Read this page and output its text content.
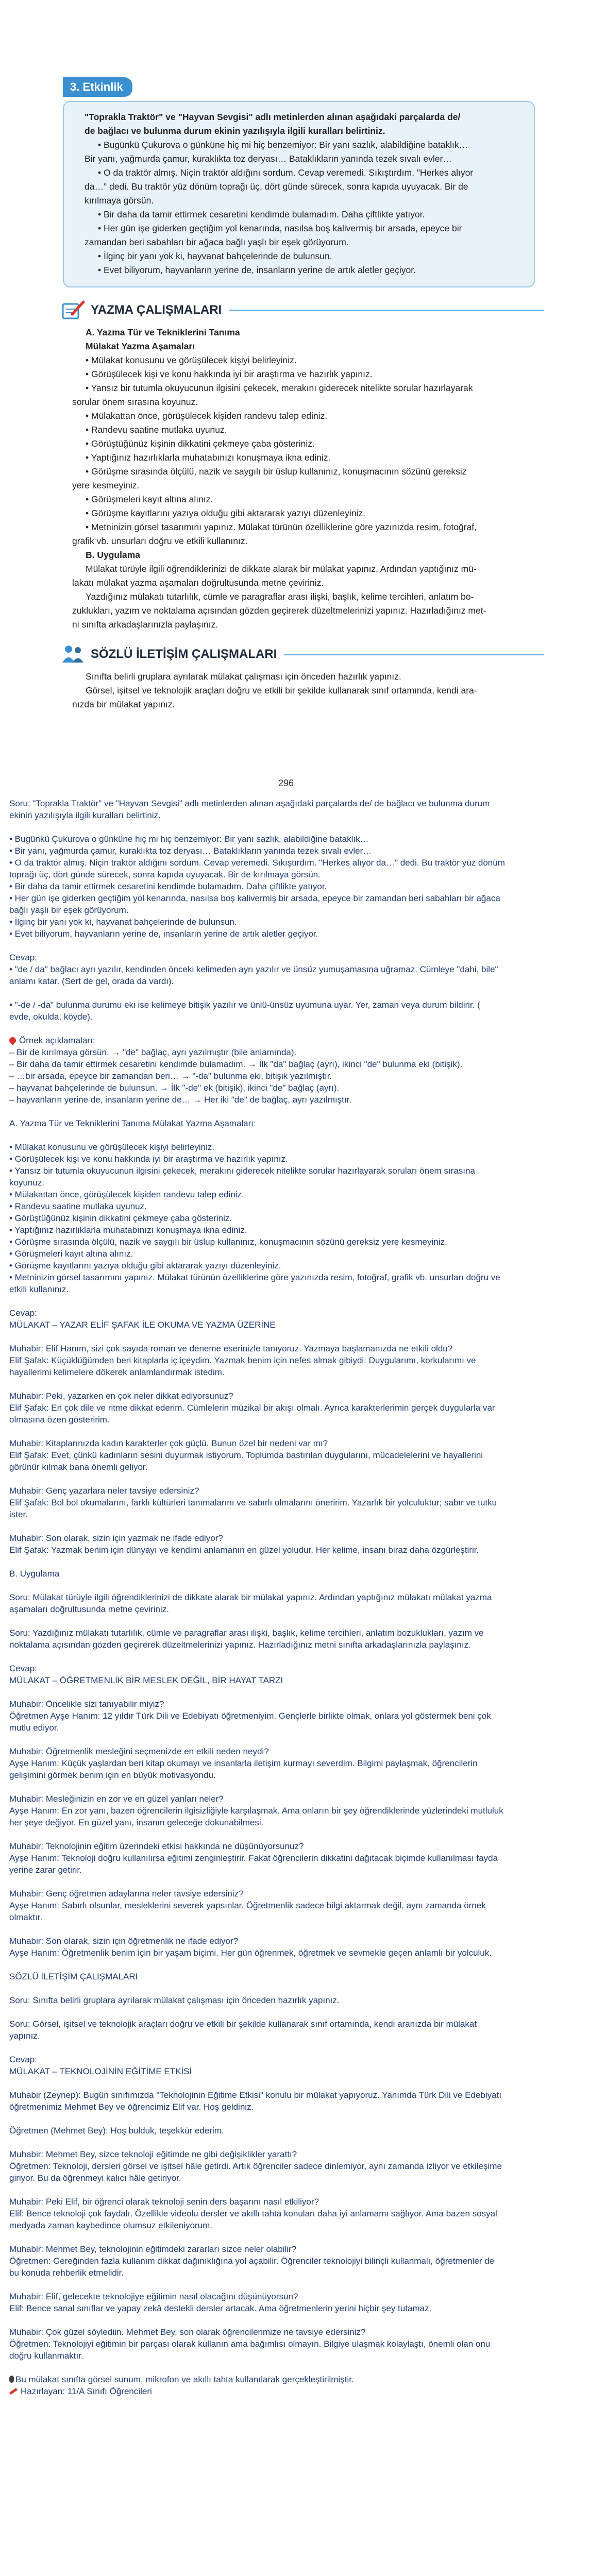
3. Etkinlik

"Toprakla Traktör" ve "Hayvan Sevgisi" adlı metinlerden alınan aşağıdaki parçalarda de/

de bağlacı ve bulunma durum ekinin yazılışıyla ilgili kuralları belirtiniz.

• Bugünkü Çukurova o günküne hiç mi hiç benzemiyor: Bir yanı sazlık, alabildiğine bataklık…

Bir yanı, yağmurda çamur, kuraklıkta toz deryası… Bataklıkların yanında tezek sıvalı evler…

• O da traktör almış. Niçin traktör aldığını sordum. Cevap veremedi. Sıkıştırdım. "Herkes alıyor

da…" dedi. Bu traktör yüz dönüm toprağı üç, dört günde sürecek, sonra kapıda uyuyacak. Bir de

kırılmaya görsün.

• Bir daha da tamir ettirmek cesaretini kendimde bulamadım. Daha çiftlikte yatıyor.

• Her gün işe giderken geçtiğim yol kenarında, nasılsa boş kalivermiş bir arsada, epeyce bir

zamandan beri sabahları bir ağaca bağlı yaşlı bir eşek görüyorum.

• İlginç bir yanı yok ki, hayvanat bahçelerinde de bulunsun.

• Evet biliyorum, hayvanların yerine de, insanların yerine de artık aletler geçiyor.

YAZMA ÇALIŞMALARI

A. Yazma Tür ve Tekniklerini Tanıma

Mülakat Yazma Aşamaları

• Mülakat konusunu ve görüşülecek kişiyi belirleyiniz.

• Görüşülecek kişi ve konu hakkında iyi bir araştırma ve hazırlık yapınız.

• Yansız bir tutumla okuyucunun ilgisini çekecek, merakını giderecek nitelikte sorular hazırlayarak

sorular önem sırasına koyunuz.

• Mülakattan önce, görüşülecek kişiden randevu talep ediniz.

• Randevu saatine mutlaka uyunuz.

• Görüştüğünüz kişinin dikkatini çekmeye çaba gösteriniz.

• Yaptığınız hazırlıklarla muhatabınızı konuşmaya ikna ediniz.

• Görüşme sırasında ölçülü, nazik ve saygılı bir üslup kullanınız, konuşmacının sözünü gereksiz

yere kesmeyiniz.

• Görüşmeleri kayıt altına alınız.

• Görüşme kayıtlarını yazıya olduğu gibi aktararak yazıyı düzenleyiniz.

• Metninizin görsel tasarımını yapınız. Mülakat türünün özelliklerine göre yazınızda resim, fotoğraf,

grafik vb. unsurları doğru ve etkili kullanınız.

B. Uygulama

Mülakat türüyle ilgili öğrendiklerinizi de dikkate alarak bir mülakat yapınız. Ardından yaptığınız mü-

lakatı mülakat yazma aşamaları doğrultusunda metne çeviriniz.

Yazdığınız mülakatı tutarlılık, cümle ve paragraflar arası ilişki, başlık, kelime tercihleri, anlatım bo-

zuklukları, yazım ve noktalama açısından gözden geçirerek düzeltmelerinizi yapınız. Hazırladığınız met-

ni sınıfta arkadaşlarınızla paylaşınız.

SÖZLÜ İLETİŞİM ÇALIŞMALARI

Sınıfta belirli gruplara ayrılarak mülakat çalışması için önceden hazırlık yapınız.

Görsel, işitsel ve teknolojik araçları doğru ve etkili bir şekilde kullanarak sınıf ortamında, kendi ara-

nızda bir mülakat yapınız.

296

Soru: "Toprakla Traktör" ve "Hayvan Sevgisi" adlı metinlerden alınan aşağıdaki parçalarda de/ de bağlacı ve bulunma durum

ekinin yazılışıyla ilgili kuralları belirtiniz.

• Bugünkü Çukurova o günküne hiç mi hiç benzemiyor: Bir yanı sazlık, alabildiğine bataklık…

• Bir yanı, yağmurda çamur, kuraklıkta toz deryası… Bataklıkların yanında tezek sıvalı evler…

• O da traktör almış. Niçin traktör aldığını sordum. Cevap veremedi. Sıkıştırdım. "Herkes alıyor da…" dedi. Bu traktör yüz dönüm

toprağı üç, dört günde sürecek, sonra kapıda uyuyacak. Bir de kırılmaya görsün.

• Bir daha da tamir ettirmek cesaretini kendimde bulamadım. Daha çiftlikte yatıyor.

• Her gün işe giderken geçtiğim yol kenarında, nasılsa boş kalivermiş bir arsada, epeyce bir zamandan beri sabahları bir ağaca

bağlı yaşlı bir eşek görüyorum.

• İlginç bir yanı yok ki, hayvanat bahçelerinde de bulunsun.

• Evet biliyorum, hayvanların yerine de, insanların yerine de artık aletler geçiyor.

Cevap:

• "de / da" bağlacı ayrı yazılır, kendinden önceki kelimeden ayrı yazılır ve ünsüz yumuşamasına uğramaz. Cümleye "dahi, bile"

anlamı katar. (Sert de gel, orada da vardı).

• "-de / -da" bulunma durumu eki ise kelimeye bitişik yazılır ve ünlü-ünsüz uyumuna uyar. Yer, zaman veya durum bildirir. (

evde, okulda, köyde).

Örnek açıklamaları:

– Bir de kırılmaya görsün. → "de" bağlaç, ayrı yazılmıştır (bile anlamında).

– Bir daha da tamir ettirmek cesaretini kendimde bulamadım. → İlk "da" bağlaç (ayrı), ikinci "de" bulunma eki (bitişik).

– …bir arsada, epeyce bir zamandan beri… → "-da" bulunma eki, bitişik yazılmıştır.

– hayvanat bahçelerinde de bulunsun. → İlk "-de" ek (bitişik), ikinci "de" bağlaç (ayrı).

– hayvanların yerine de, insanların yerine de… → Her iki "de" de bağlaç, ayrı yazılmıştır.

A. Yazma Tür ve Tekniklerini Tanıma Mülakat Yazma Aşamaları:

• Mülakat konusunu ve görüşülecek kişiyi belirleyiniz.

• Görüşülecek kişi ve konu hakkında iyi bir araştırma ve hazırlık yapınız.

• Yansız bir tutumla okuyucunun ilgisini çekecek, merakını giderecek nitelikte sorular hazırlayarak soruları önem sırasına

koyunuz.

• Mülakattan önce, görüşülecek kişiden randevu talep ediniz.

• Randevu saatine mutlaka uyunuz.

• Görüştüğünüz kişinin dikkatini çekmeye çaba gösteriniz.

• Yaptığınız hazırlıklarla muhatabınızı konuşmaya ikna ediniz.

• Görüşme sırasında ölçülü, nazik ve saygılı bir üslup kullanınız, konuşmacının sözünü gereksiz yere kesmeyiniz.

• Görüşmeleri kayıt altına alınız.

• Görüşme kayıtlarını yazıya olduğu gibi aktararak yazıyı düzenleyiniz.

• Metninizin görsel tasarımını yapınız. Mülakat türünün özelliklerine göre yazınızda resim, fotoğraf, grafik vb. unsurları doğru ve

etkili kullanınız.

Cevap:

MÜLAKAT – YAZAR ELİF ŞAFAK İLE OKUMA VE YAZMA ÜZERİNE

Muhabir: Elif Hanım, sizi çok sayıda roman ve deneme eserinizle tanıyoruz. Yazmaya başlamanızda ne etkili oldu?

Elif Şafak: Küçüklüğümden beri kitaplarla iç içeydim. Yazmak benim için nefes almak gibiydi. Duygularımı, korkularımı ve

hayallerimi kelimelere dökerek anlamlandırmak istedim.

Muhabir: Peki, yazarken en çok neler dikkat ediyorsunuz?

Elif Şafak: En çok dile ve ritme dikkat ederim. Cümlelerin müzikal bir akışı olmalı. Ayrıca karakterlerimin gerçek duygularla var

olmasına özen gösteririm.

Muhabir: Kitaplarınızda kadın karakterler çok güçlü. Bunun özel bir nedeni var mı?

Elif Şafak: Evet, çünkü kadınların sesini duyurmak istiyorum. Toplumda bastırılan duygularını, mücadelelerini ve hayallerini

görünür kılmak bana önemli geliyor.

Muhabir: Genç yazarlara neler tavsiye edersiniz?

Elif Şafak: Bol bol okumalarını, farklı kültürleri tanımalarını ve sabırlı olmalarını öneririm. Yazarlık bir yolculuktur; sabır ve tutku

ister.

Muhabir: Son olarak, sizin için yazmak ne ifade ediyor?

Elif Şafak: Yazmak benim için dünyayı ve kendimi anlamanın en güzel yoludur. Her kelime, insanı biraz daha özgürleştirir.

B. Uygulama

Soru: Mülakat türüyle ilgili öğrendiklerinizi de dikkate alarak bir mülakat yapınız. Ardından yaptığınız mülakatı mülakat yazma

aşamaları doğrultusunda metne çeviriniz.

Soru: Yazdığınız mülakatı tutarlılık, cümle ve paragraflar arası ilişki, başlık, kelime tercihleri, anlatım bozuklukları, yazım ve

noktalama açısından gözden geçirerek düzeltmelerinizi yapınız. Hazırladığınız metni sınıfta arkadaşlarınızla paylaşınız.

Cevap:

MÜLAKAT – ÖĞRETMENLİK BİR MESLEK DEĞİL, BİR HAYAT TARZI

Muhabir: Öncelikle sizi tanıyabilir miyiz?

Öğretmen Ayşe Hanım: 12 yıldır Türk Dili ve Edebiyatı öğretmeniyim. Gençlerle birlikte olmak, onlara yol göstermek beni çok

mutlu ediyor.

Muhabir: Öğretmenlik mesleğini seçmenizde en etkili neden neydi?

Ayşe Hanım: Küçük yaşlardan beri kitap okumayı ve insanlarla iletişim kurmayı severdim. Bilgimi paylaşmak, öğrencilerin

gelişimini görmek benim için en büyük motivasyondu.

Muhabir: Mesleğinizin en zor ve en güzel yanları neler?

Ayşe Hanım: En zor yanı, bazen öğrencilerin ilgisizliğiyle karşılaşmak. Ama onların bir şey öğrendiklerinde yüzlerindeki mutluluk

her şeye değiyor. En güzel yanı, insanın geleceğe dokunabilmesi.

Muhabir: Teknolojinin eğitim üzerindeki etkisi hakkında ne düşünüyorsunuz?

Ayşe Hanım: Teknoloji doğru kullanılırsa eğitimi zenginleştirir. Fakat öğrencilerin dikkatini dağıtacak biçimde kullanılması fayda

yerine zarar getirir.

Muhabir: Genç öğretmen adaylarına neler tavsiye edersiniz?

Ayşe Hanım: Sabırlı olsunlar, mesleklerini severek yapsınlar. Öğretmenlik sadece bilgi aktarmak değil, aynı zamanda örnek

olmaktır.

Muhabir: Son olarak, sizin için öğretmenlik ne ifade ediyor?

Ayşe Hanım: Öğretmenlik benim için bir yaşam biçimi. Her gün öğrenmek, öğretmek ve sevmekle geçen anlamlı bir yolculuk.

SÖZLÜ İLETİŞİM ÇALIŞMALARI

Soru: Sınıfta belirli gruplara ayrılarak mülakat çalışması için önceden hazırlık yapınız.

Soru: Görsel, işitsel ve teknolojik araçları doğru ve etkili bir şekilde kullanarak sınıf ortamında, kendi aranızda bir mülakat

yapınız.

Cevap:

MÜLAKAT – TEKNOLOJİNİN EĞİTİME ETKİSİ

Muhabir (Zeynep): Bugün sınıfımızda "Teknolojinin Eğitime Etkisi" konulu bir mülakat yapıyoruz. Yanımda Türk Dili ve Edebiyatı

öğretmenimiz Mehmet Bey ve öğrencimiz Elif var. Hoş geldiniz.

Öğretmen (Mehmet Bey): Hoş bulduk, teşekkür ederim.

Muhabir: Mehmet Bey, sizce teknoloji eğitimde ne gibi değişiklikler yarattı?

Öğretmen: Teknoloji, dersleri görsel ve işitsel hâle getirdi. Artık öğrenciler sadece dinlemiyor, aynı zamanda izliyor ve etkileşime

giriyor. Bu da öğrenmeyi kalıcı hâle getiriyor.

Muhabir: Peki Elif, bir öğrenci olarak teknoloji senin ders başarını nasıl etkiliyor?

Elif: Bence teknoloji çok faydalı. Özellikle videolu dersler ve akıllı tahta konuları daha iyi anlamamı sağlıyor. Ama bazen sosyal

medyada zaman kaybedince olumsuz etkileniyorum.

Muhabir: Mehmet Bey, teknolojinin eğitimdeki zararları sizce neler olabilir?

Öğretmen: Gereğinden fazla kullanım dikkat dağınıklığına yol açabilir. Öğrenciler teknolojiyi bilinçli kullanmalı, öğretmenler de

bu konuda rehberlik etmelidir.

Muhabir: Elif, gelecekte teknolojiye eğitimin nasıl olacağını düşünüyorsun?

Elif: Bence sanal sınıflar ve yapay zekâ destekli dersler artacak. Ama öğretmenlerin yerini hiçbir şey tutamaz.

Muhabir: Çok güzel söylediin. Mehmet Bey, son olarak öğrencilerimize ne tavsiye edersiniz?

Öğretmen: Teknolojiyi eğitimin bir parçası olarak kullanın ama bağımlısı olmayın. Bilgiye ulaşmak kolaylaştı, önemli olan onu

doğru kullanmaktır.

Bu mülakat sınıfta görsel sunum, mikrofon ve akıllı tahta kullanılarak gerçekleştirilmiştir.

Hazırlayan: 11/A Sınıfı Öğrencileri
